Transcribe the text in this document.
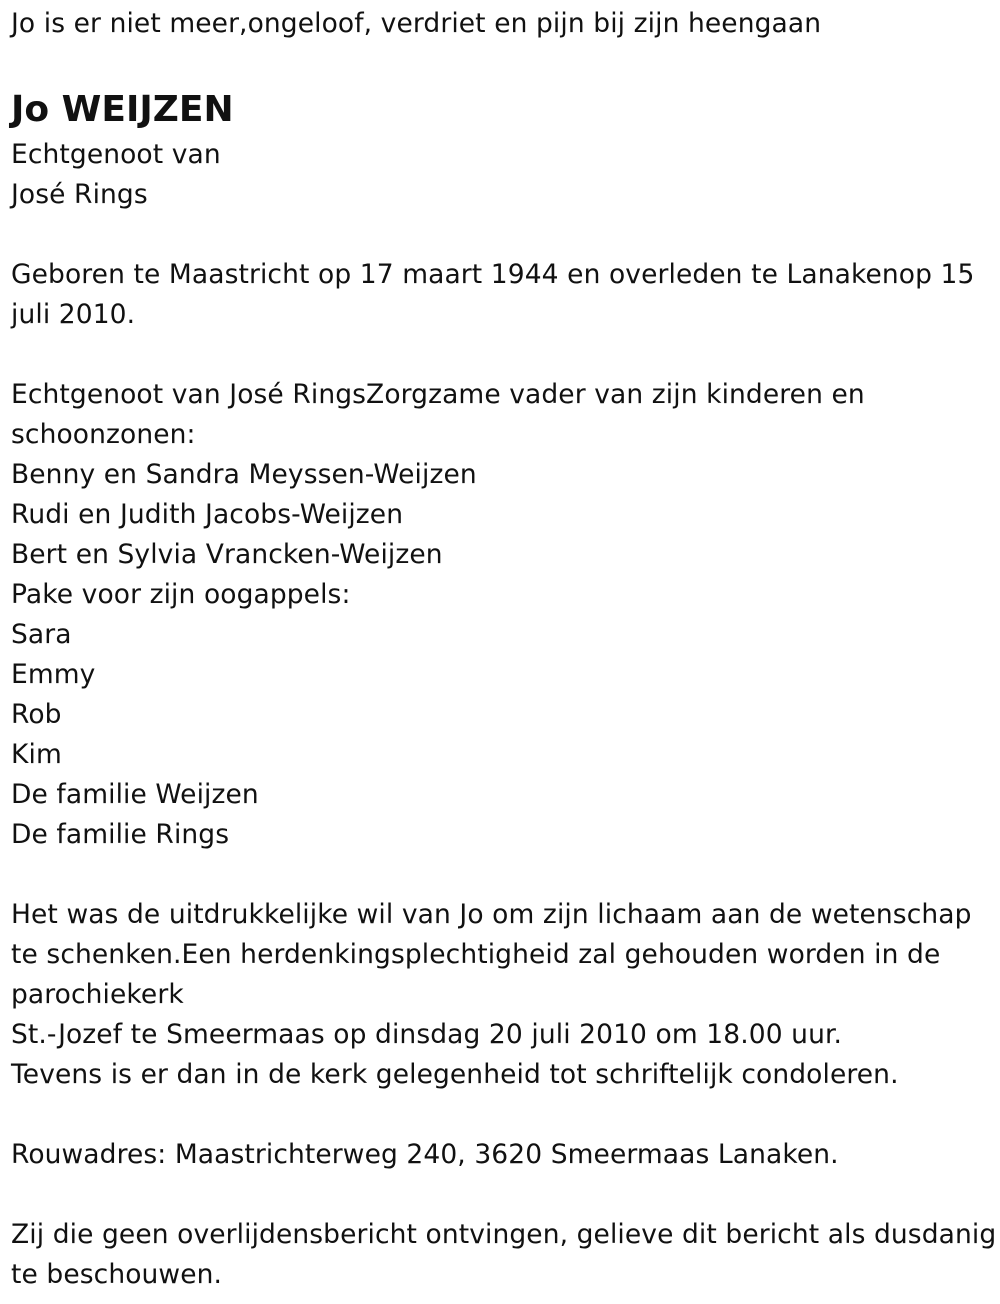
Jo is er niet meer,ongeloof, verdriet en pijn bij zijn heengaan
Jo WEIJZEN
Echtgenoot van
José Rings
Geboren te Maastricht op 17 maart 1944 en overleden te Lanakenop 15
juli 2010.
Echtgenoot van José RingsZorgzame vader van zijn kinderen en
schoonzonen:
Benny en Sandra Meyssen-Weijzen
Rudi en Judith Jacobs-Weijzen
Bert en Sylvia Vrancken-Weijzen
Pake voor zijn oogappels:
Sara
Emmy
Rob
Kim
De familie Weijzen
De familie Rings
Het was de uitdrukkelijke wil van Jo om zijn lichaam aan de wetenschap
te schenken.Een herdenkingsplechtigheid zal gehouden worden in de
parochiekerk
St.-Jozef te Smeermaas op dinsdag 20 juli 2010 om 18.00 uur.
Tevens is er dan in de kerk gelegenheid tot schriftelijk condoleren.
Rouwadres: Maastrichterweg 240, 3620 Smeermaas Lanaken.
Zij die geen overlijdensbericht ontvingen, gelieve dit bericht als dusdanig
te beschouwen.
